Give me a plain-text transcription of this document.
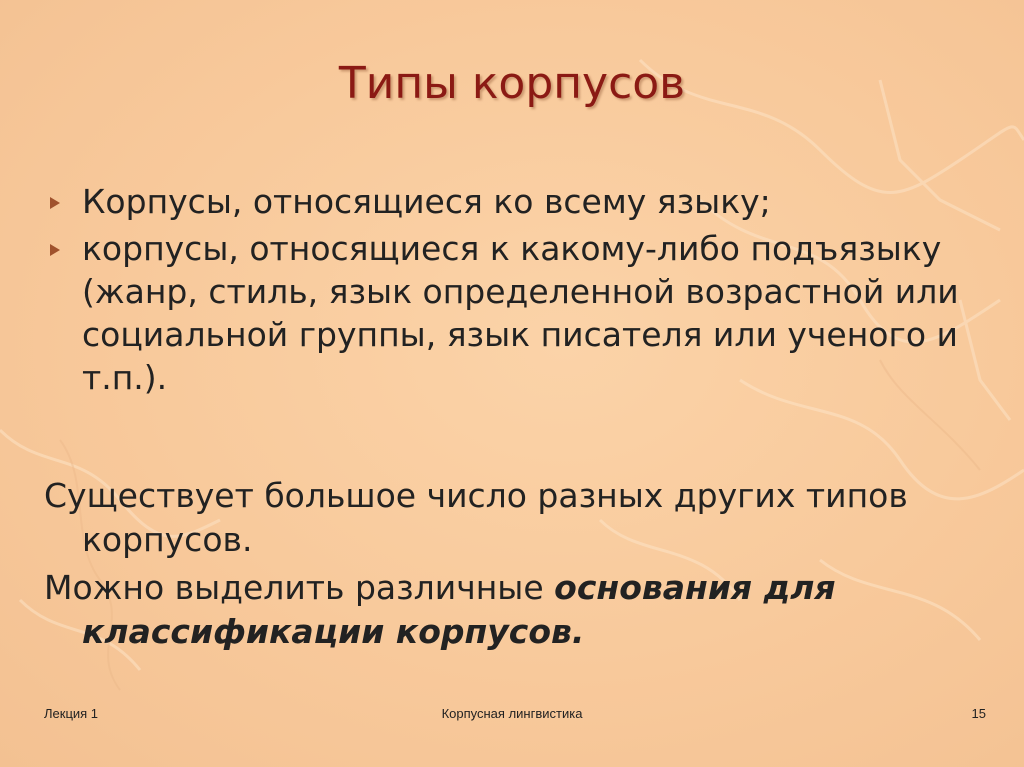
Типы корпусов
Корпусы, относящиеся ко всему языку;
корпусы, относящиеся к какому-либо подъязыку (жанр, стиль, язык определенной возрастной или социальной группы, язык писателя или ученого и т.п.).
Существует большое число разных других типов корпусов.
Можно выделить различные основания для классификации корпусов.
Лекция 1	Корпусная лингвистика	15
